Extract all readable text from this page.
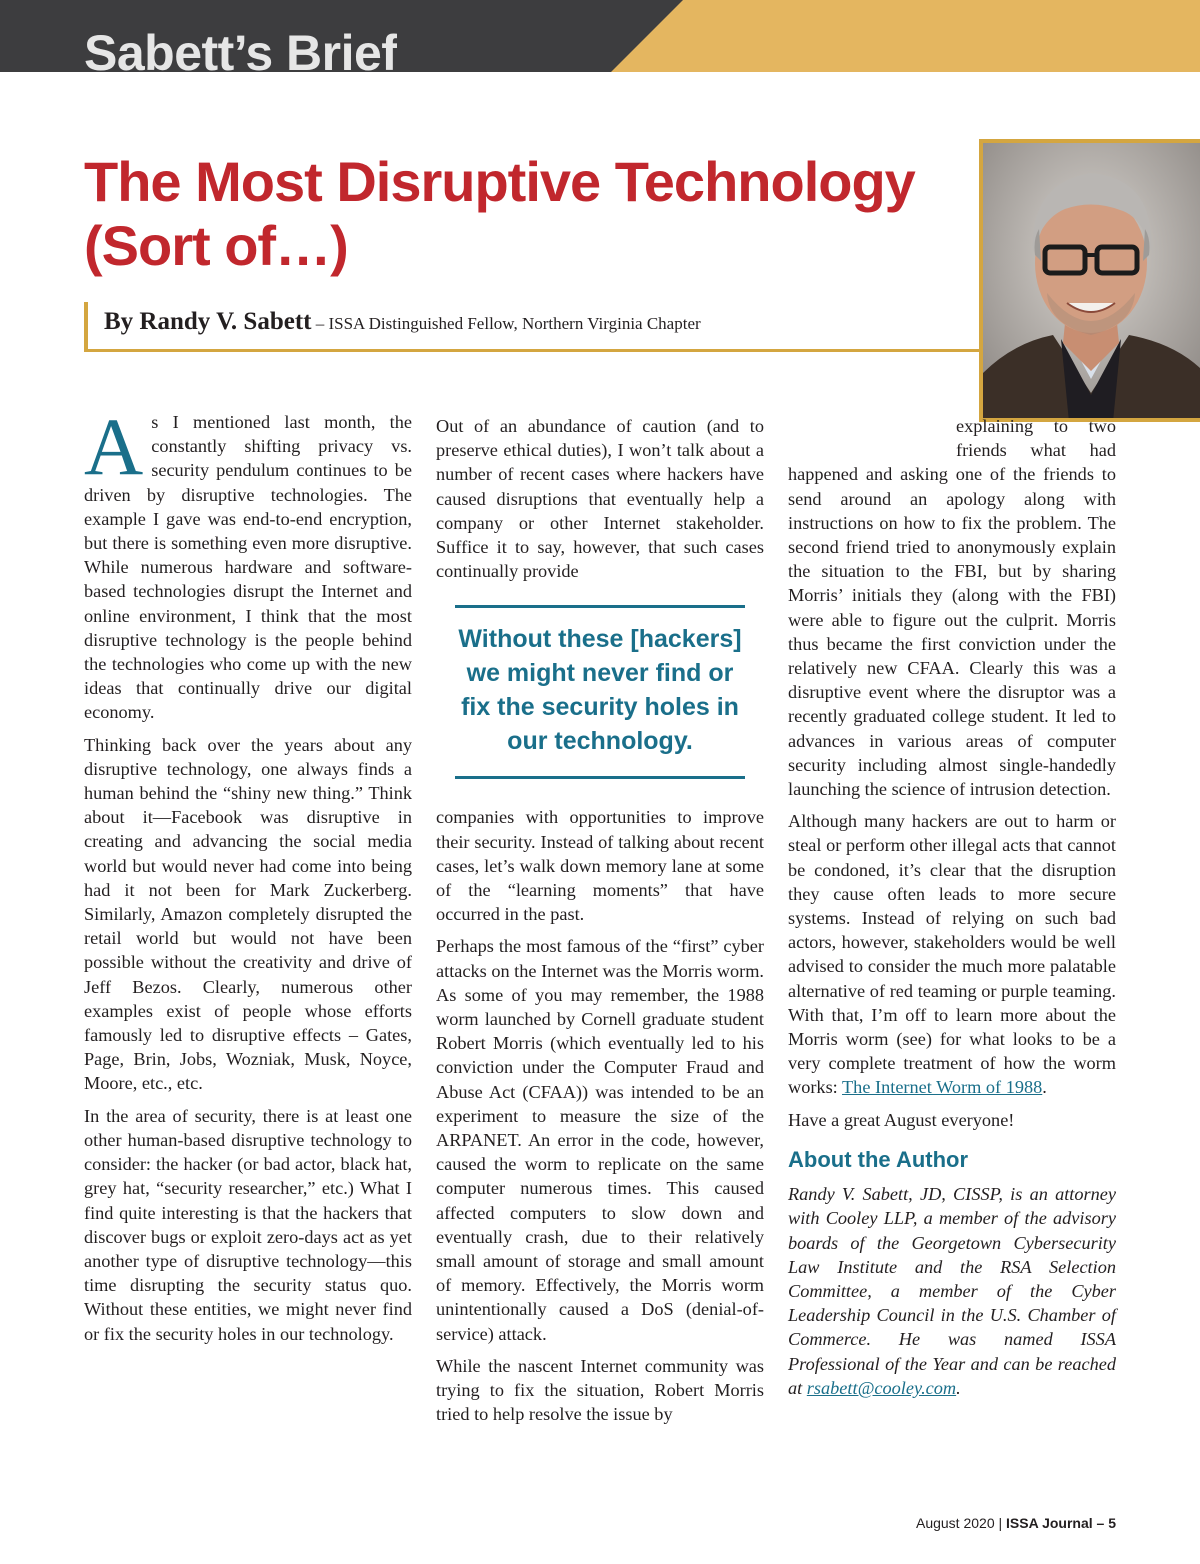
Sabett’s Brief
The Most Disruptive Technology (Sort of…)
By Randy V. Sabett – ISSA Distinguished Fellow, Northern Virginia Chapter

As I mentioned last month, the constantly shifting privacy vs. security pendulum continues to be driven by disruptive technologies. The example I gave was end-to-end encryption, but there is something even more disruptive. While numerous hardware and software-based technologies disrupt the Internet and online environment, I think that the most disruptive technology is the people behind the technologies who come up with the new ideas that continually drive our digital economy.

Thinking back over the years about any disruptive technology, one always finds a human behind the “shiny new thing.” Think about it—Facebook was disruptive in creating and advancing the social media world but would never had come into being had it not been for Mark Zuckerberg. Similarly, Amazon completely disrupted the retail world but would not have been possible without the creativity and drive of Jeff Bezos. Clearly, numerous other examples exist of people whose efforts famously led to disruptive effects – Gates, Page, Brin, Jobs, Wozniak, Musk, Noyce, Moore, etc., etc.

In the area of security, there is at least one other human-based disruptive technology to consider: the hacker (or bad actor, black hat, grey hat, “security researcher,” etc.) What I find quite interesting is that the hackers that discover bugs or exploit zero-days act as yet another type of disruptive technology—this time disrupting the security status quo. Without these entities, we might never find or fix the security holes in our technology.

Out of an abundance of caution (and to preserve ethical duties), I won’t talk about a number of recent cases where hackers have caused disruptions that eventually help a company or other Internet stakeholder. Suffice it to say, however, that such cases continually provide

Without these [hackers] we might never find or fix the security holes in our technology.

companies with opportunities to improve their security. Instead of talking about recent cases, let’s walk down memory lane at some of the “learning moments” that have occurred in the past.

Perhaps the most famous of the “first” cyber attacks on the Internet was the Morris worm. As some of you may remember, the 1988 worm launched by Cornell graduate student Robert Morris (which eventually led to his conviction under the Computer Fraud and Abuse Act (CFAA)) was intended to be an experiment to measure the size of the ARPANET. An error in the code, however, caused the worm to replicate on the same computer numerous times. This caused affected computers to slow down and eventually crash, due to their relatively small amount of storage and small amount of memory. Effectively, the Morris worm unintentionally caused a DoS (denial-of-service) attack.

While the nascent Internet community was trying to fix the situation, Robert Morris tried to help resolve the issue by

explaining to two friends what had happened and asking one of the friends to send around an apology along with instructions on how to fix the problem. The second friend tried to anonymously explain the situation to the FBI, but by sharing Morris’ initials they (along with the FBI) were able to figure out the culprit. Morris thus became the first conviction under the relatively new CFAA. Clearly this was a disruptive event where the disruptor was a recently graduated college student. It led to advances in various areas of computer security including almost single-handedly launching the science of intrusion detection.

Although many hackers are out to harm or steal or perform other illegal acts that cannot be condoned, it’s clear that the disruption they cause often leads to more secure systems. Instead of relying on such bad actors, however, stakeholders would be well advised to consider the much more palatable alternative of red teaming or purple teaming. With that, I’m off to learn more about the Morris worm (see) for what looks to be a very complete treatment of how the worm works: The Internet Worm of 1988.

Have a great August everyone!

About the Author

Randy V. Sabett, JD, CISSP, is an attorney with Cooley LLP, a member of the advisory boards of the Georgetown Cybersecurity Law Institute and the RSA Selection Committee, a member of the Cyber Leadership Council in the U.S. Chamber of Commerce. He was named ISSA Professional of the Year and can be reached at rsabett@cooley.com.

August 2020 | ISSA Journal – 5
